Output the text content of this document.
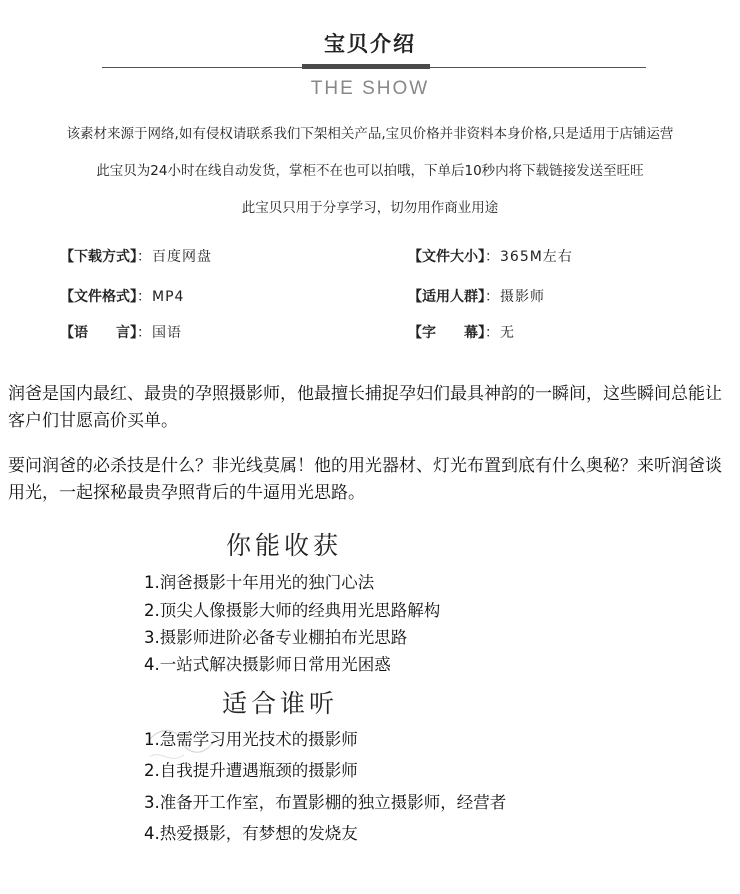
宝贝介绍
THE SHOW
该素材来源于网络,如有侵权请联系我们下架相关产品,宝贝价格并非资料本身价格,只是适用于店铺运营
此宝贝为24小时在线自动发货，掌柜不在也可以拍哦，下单后10秒内将下载链接发送至旺旺
此宝贝只用于分享学习，切勿用作商业用途
【下载方式】：百度网盘	【文件大小】：365M左右
【文件格式】：MP4	【适用人群】：摄影师
【语　　言】：国语	【字　　幕】：无
润爸是国内最红、最贵的孕照摄影师，他最擅长捕捉孕妇们最具神韵的一瞬间，这些瞬间总能让客户们甘愿高价买单。
要问润爸的必杀技是什么？非光线莫属！他的用光器材、灯光布置到底有什么奥秘？来听润爸谈用光，一起探秘最贵孕照背后的牛逼用光思路。
你能收获
1.润爸摄影十年用光的独门心法
2.顶尖人像摄影大师的经典用光思路解构
3.摄影师进阶必备专业棚拍布光思路
4.一站式解决摄影师日常用光困惑
适合谁听
1.急需学习用光技术的摄影师
2.自我提升遭遇瓶颈的摄影师
3.准备开工作室，布置影棚的独立摄影师，经营者
4.热爱摄影，有梦想的发烧友
